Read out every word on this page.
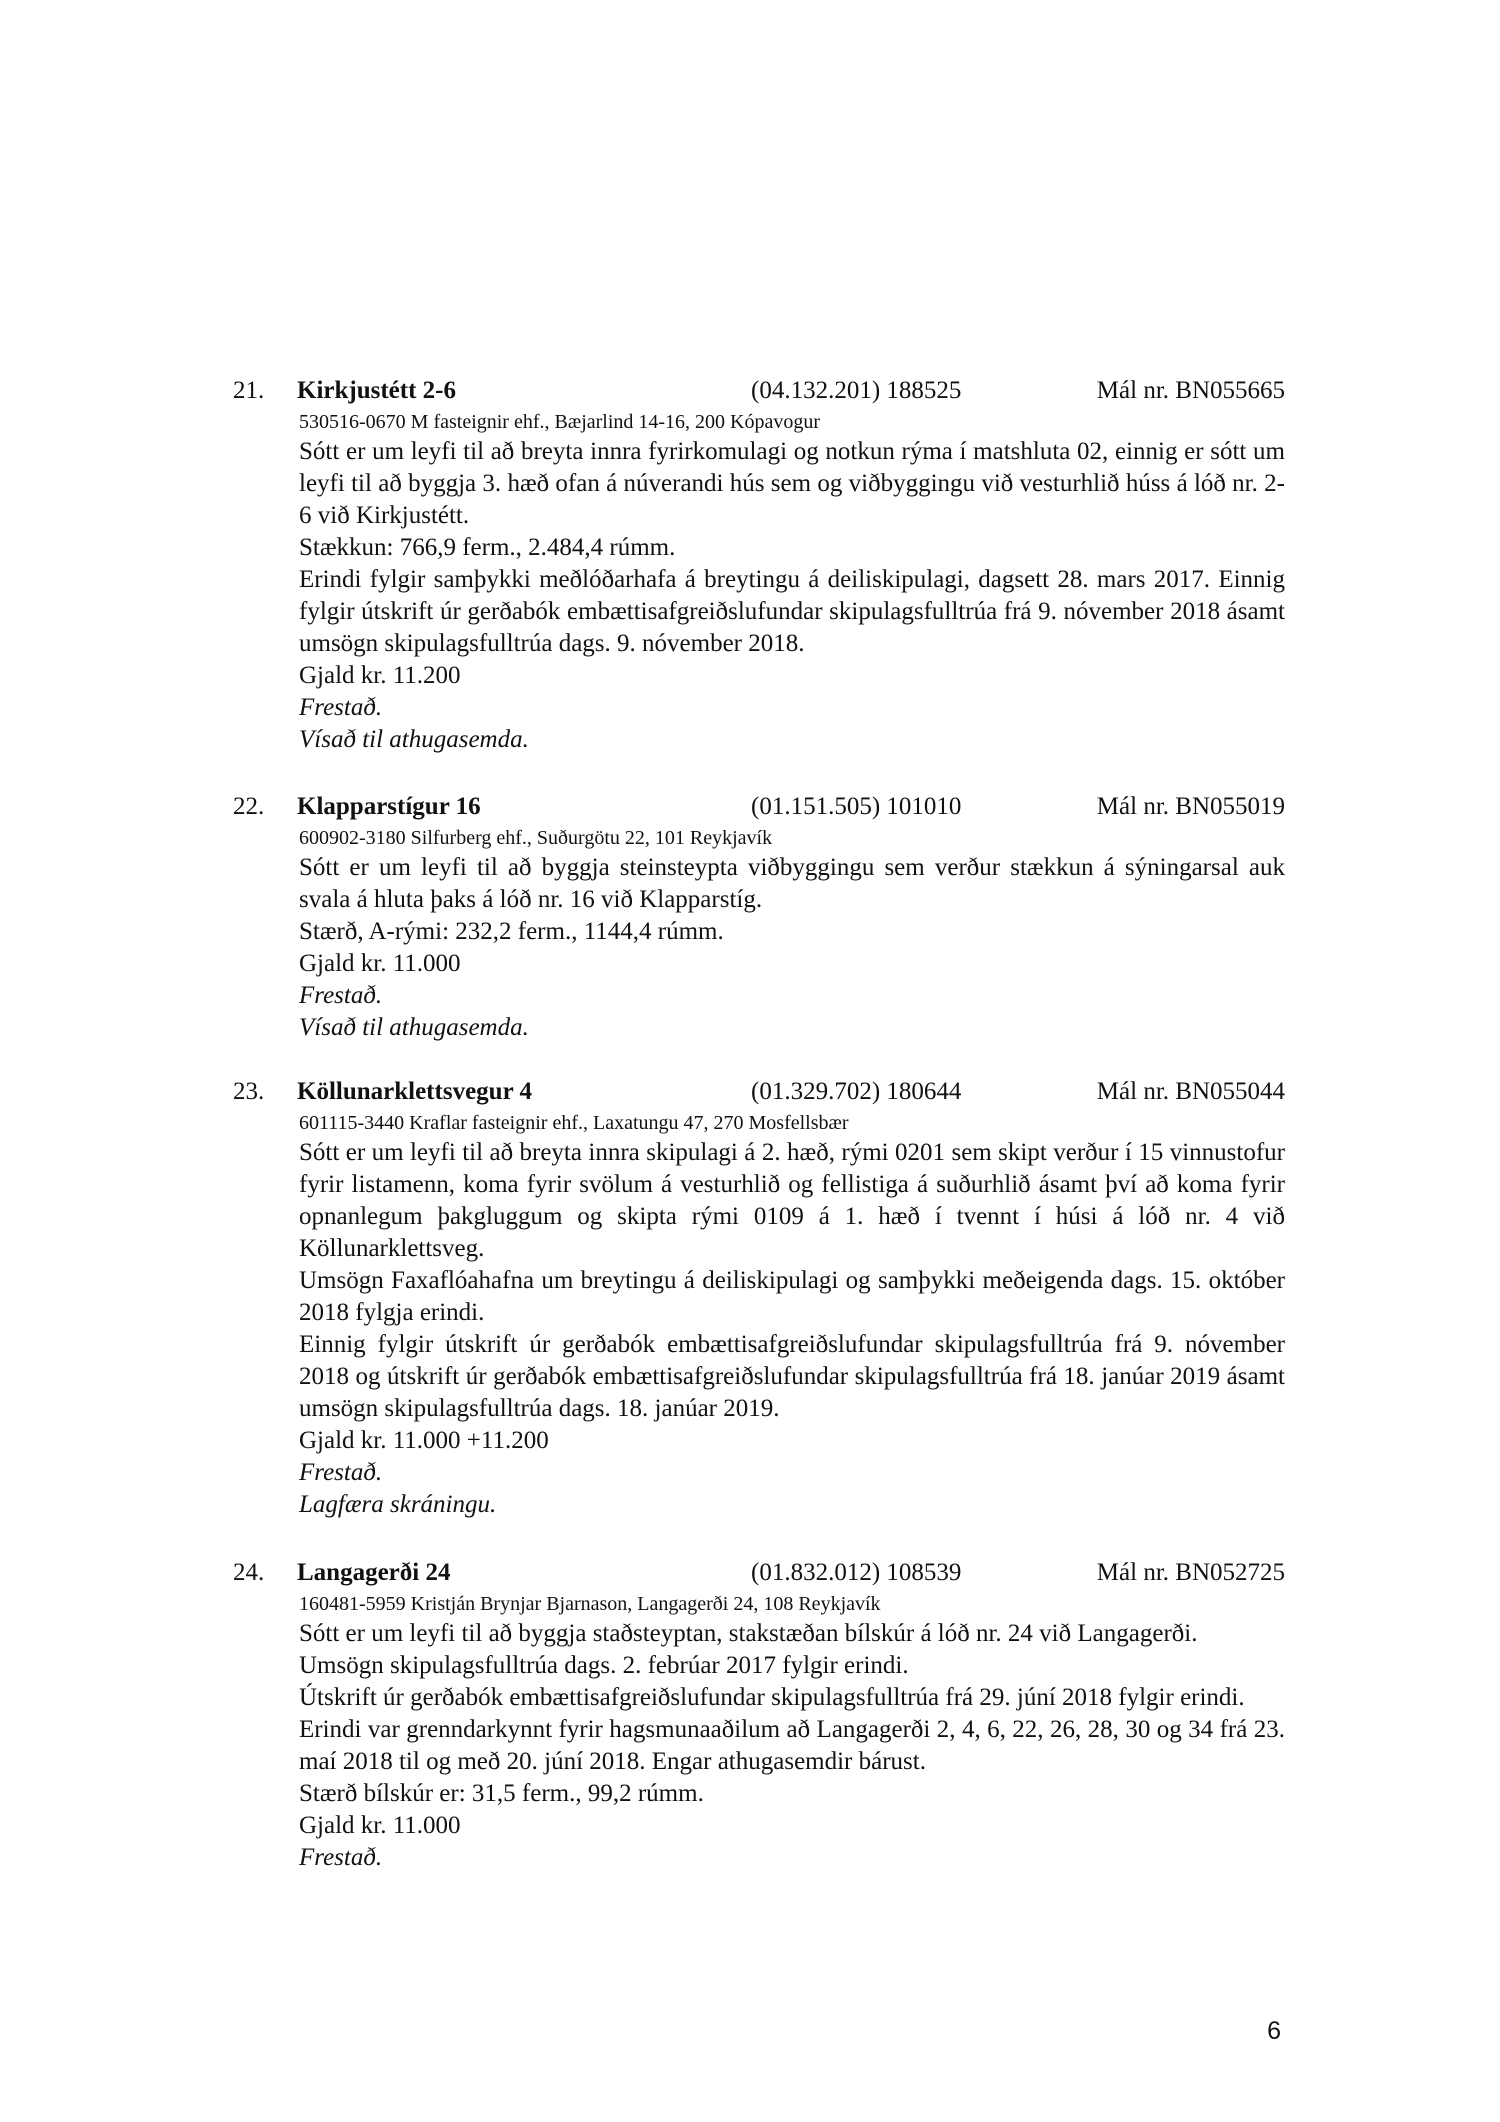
21. Kirkjustétt 2-6	(04.132.201) 188525	Mál nr. BN055665
530516-0670 M fasteignir ehf., Bæjarlind 14-16, 200 Kópavogur

Sótt er um leyfi til að breyta innra fyrirkomulagi og notkun rýma í matshluta 02, einnig er sótt um leyfi til að byggja 3. hæð ofan á núverandi hús sem og viðbyggingu við vesturhlið húss á lóð nr. 2-6 við Kirkjustétt.

Stækkun: 766,9 ferm., 2.484,4 rúmm.

Erindi fylgir samþykki meðlóðarhafa á breytingu á deiliskipulagi, dagsett 28. mars 2017. Einnig fylgir útskrift úr gerðabók embættisafgreiðslufundar skipulagsfulltrúa frá 9. nóvember 2018 ásamt umsögn skipulagsfulltrúa dags. 9. nóvember 2018.

Gjald kr. 11.200

Frestað.

Vísað til athugasemda.

22. Klapparstígur 16	(01.151.505) 101010	Mál nr. BN055019
600902-3180 Silfurberg ehf., Suðurgötu 22, 101 Reykjavík

Sótt er um leyfi til að byggja steinsteypta viðbyggingu sem verður stækkun á sýningarsal auk svala á hluta þaks á lóð nr. 16 við Klapparstíg.

Stærð, A-rými: 232,2 ferm., 1144,4 rúmm.

Gjald kr. 11.000

Frestað.

Vísað til athugasemda.

23. Köllunarklettsvegur 4	(01.329.702) 180644	Mál nr. BN055044
601115-3440 Kraflar fasteignir ehf., Laxatungu 47, 270 Mosfellsbær

Sótt er um leyfi til að breyta innra skipulagi á 2. hæð, rými 0201 sem skipt verður í 15 vinnustofur fyrir listamenn, koma fyrir svölum á vesturhlið og fellistiga á suðurhlið ásamt því að koma fyrir opnanlegum þakgluggum og skipta rými 0109 á 1. hæð í tvennt í húsi á lóð nr. 4 við Köllunarklettsveg.

Umsögn Faxaflóahafna um breytingu á deiliskipulagi og samþykki meðeigenda dags. 15. október 2018 fylgja erindi.

Einnig fylgir útskrift úr gerðabók embættisafgreiðslufundar skipulagsfulltrúa frá 9. nóvember 2018 og útskrift úr gerðabók embættisafgreiðslufundar skipulagsfulltrúa frá 18. janúar 2019 ásamt umsögn skipulagsfulltrúa dags. 18. janúar 2019.

Gjald kr. 11.000 +11.200

Frestað.

Lagfæra skráningu.

24. Langagerði 24	(01.832.012) 108539	Mál nr. BN052725
160481-5959 Kristján Brynjar Bjarnason, Langagerði 24, 108 Reykjavík

Sótt er um leyfi til að byggja staðsteyptan, stakstæðan bílskúr á lóð nr. 24 við Langagerði.

Umsögn skipulagsfulltrúa dags. 2. febrúar 2017 fylgir erindi.

Útskrift úr gerðabók embættisafgreiðslufundar skipulagsfulltrúa frá 29. júní 2018 fylgir erindi.

Erindi var grenndarkynnt fyrir hagsmunaaðilum að Langagerði 2, 4, 6, 22, 26, 28, 30 og 34 frá 23. maí 2018 til og með 20. júní 2018. Engar athugasemdir bárust.

Stærð bílskúr er: 31,5 ferm., 99,2 rúmm.

Gjald kr. 11.000

Frestað.

6
